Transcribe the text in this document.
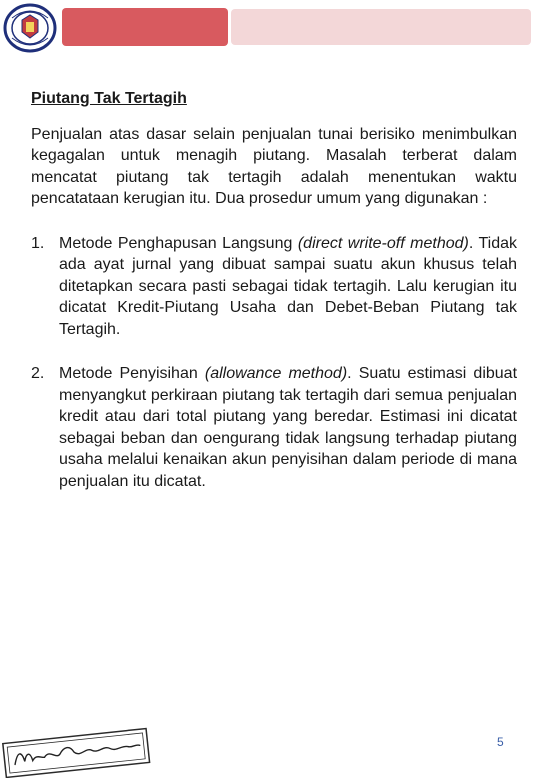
Piutang Tak Tertagih

Penjualan atas dasar selain penjualan tunai berisiko menimbulkan kegagalan untuk menagih piutang. Masalah terberat dalam mencatat piutang tak tertagih adalah menentukan waktu pencatataan kerugian itu. Dua prosedur umum yang digunakan :

1. Metode Penghapusan Langsung (direct write-off method). Tidak ada ayat jurnal yang dibuat sampai suatu akun khusus telah ditetapkan secara pasti sebagai tidak tertagih. Lalu kerugian itu dicatat Kredit-Piutang Usaha dan Debet-Beban Piutang tak Tertagih.
2. Metode Penyisihan (allowance method). Suatu estimasi dibuat menyangkut perkiraan piutang tak tertagih dari semua penjualan kredit atau dari total piutang yang beredar. Estimasi ini dicatat sebagai beban dan oengurang tidak langsung terhadap piutang usaha melalui kenaikan akun penyisihan dalam periode di mana penjualan itu dicatat.
5
